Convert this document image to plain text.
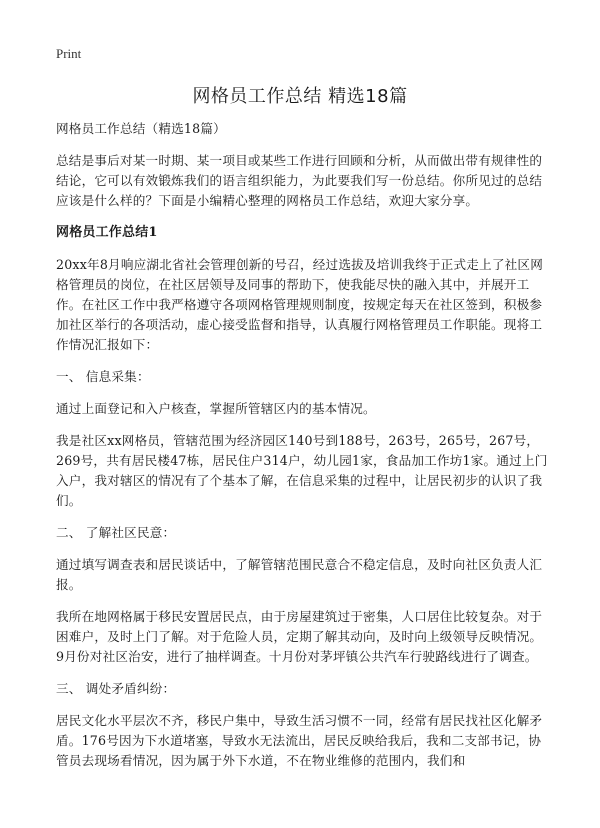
Print
网格员工作总结 精选18篇

网格员工作总结（精选18篇）

总结是事后对某一时期、某一项目或某些工作进行回顾和分析，从而做出带有规律性的结论，它可以有效锻炼我们的语言组织能力，为此要我们写一份总结。你所见过的总结应该是什么样的？下面是小编精心整理的网格员工作总结，欢迎大家分享。

网格员工作总结1

20xx年8月响应湖北省社会管理创新的号召，经过选拔及培训我终于正式走上了社区网格管理员的岗位，在社区居领导及同事的帮助下，使我能尽快的融入其中，并展开工作。在社区工作中我严格遵守各项网格管理规则制度，按规定每天在社区签到，积极参加社区举行的各项活动，虚心接受监督和指导，认真履行网格管理员工作职能。现将工作情况汇报如下：

一、 信息采集：

通过上面登记和入户核查，掌握所管辖区内的基本情况。

我是社区xx网格员，管辖范围为经济园区140号到188号，263号，265号，267号，269号，共有居民楼47栋，居民住户314户，幼儿园1家，食品加工作坊1家。通过上门入户，我对辖区的情况有了个基本了解，在信息采集的过程中，让居民初步的认识了我们。

二、 了解社区民意：

通过填写调查表和居民谈话中，了解管辖范围民意合不稳定信息，及时向社区负责人汇报。

我所在地网格属于移民安置居民点，由于房屋建筑过于密集，人口居住比较复杂。对于困难户，及时上门了解。对于危险人员，定期了解其动向，及时向上级领导反映情况。9月份对社区治安，进行了抽样调查。十月份对茅坪镇公共汽车行驶路线进行了调查。

三、 调处矛盾纠纷：

居民文化水平层次不齐，移民户集中，导致生活习惯不一同，经常有居民找社区化解矛盾。176号因为下水道堵塞，导致水无法流出，居民反映给我后，我和二支部书记，协管员去现场看情况，因为属于外下水道，不在物业维修的范围内，我们和
